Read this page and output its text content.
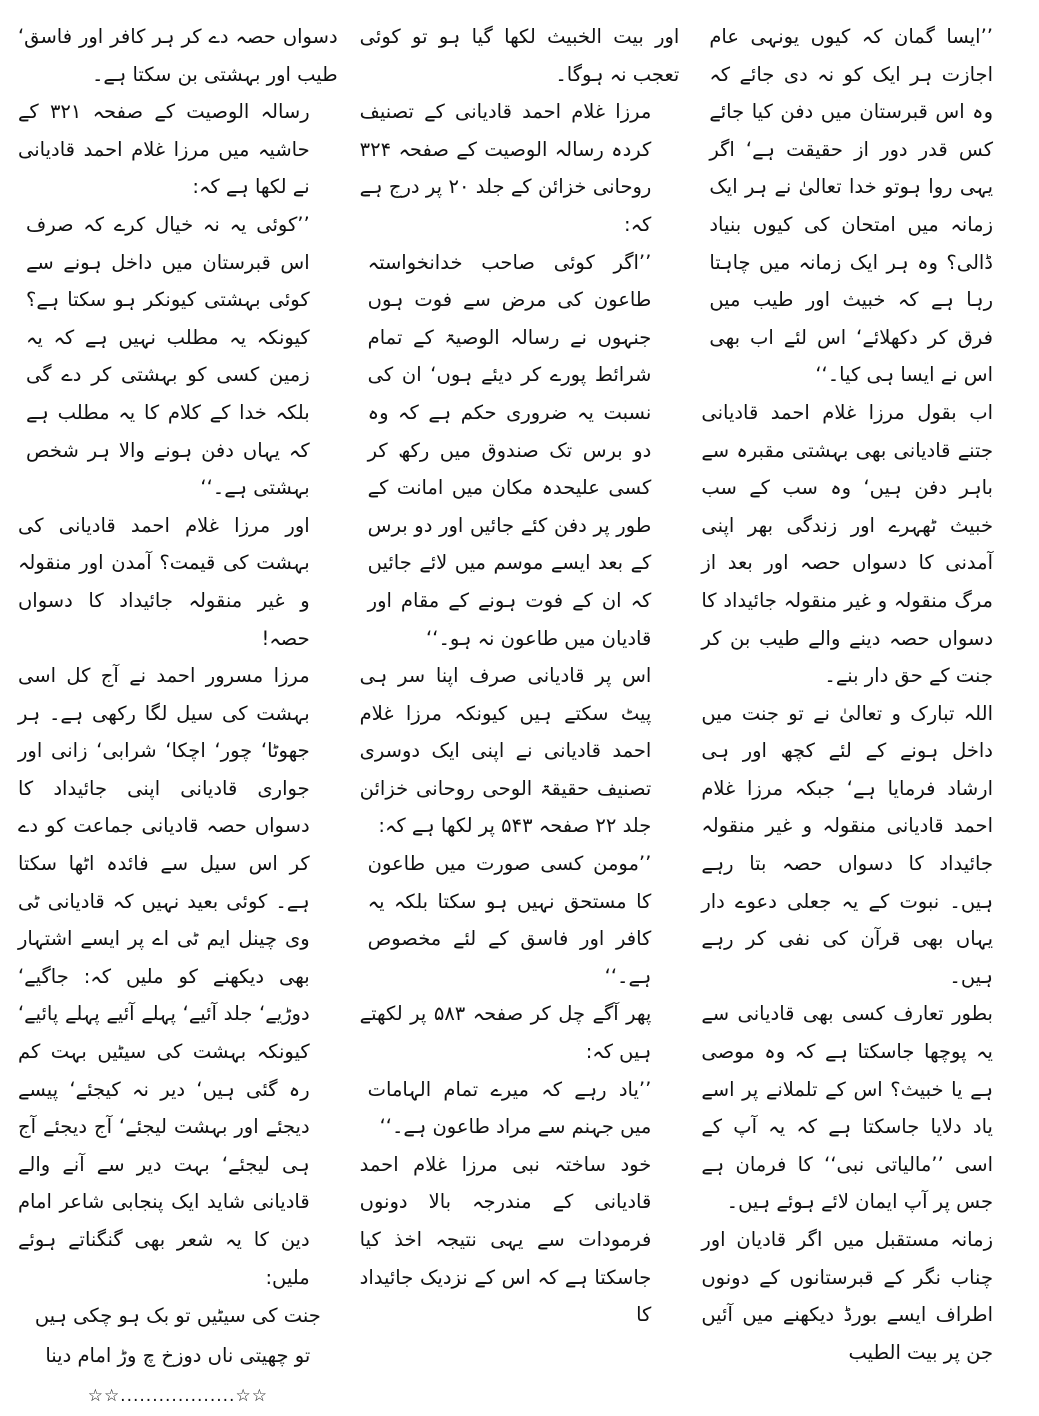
’’ایسا گمان کہ کیوں یونہی عام اجازت ہر ایک کو نہ دی جائے کہ وہ اس قبرستان میں دفن کیا جائے کس قدر دور از حقیقت ہے‘ اگر یہی روا ہوتو خدا تعالیٰ نے ہر ایک زمانہ میں امتحان کی کیوں بنیاد ڈالی؟ وہ ہر ایک زمانہ میں چاہتا رہا ہے کہ خبیث اور طیب میں فرق کر دکھلائے‘ اس لئے اب بھی اس نے ایسا ہی کیا۔‘‘

اب بقول مرزا غلام احمد قادیانی جتنے قادیانی بھی بہشتی مقبرہ سے باہر دفن ہیں‘ وہ سب کے سب خبیث ٹھہرے اور زندگی بھر اپنی آمدنی کا دسواں حصہ اور بعد از مرگ منقولہ و غیر منقولہ جائیداد کا دسواں حصہ دینے والے طیب بن کر جنت کے حق دار بنے۔

اللہ تبارک و تعالیٰ نے تو جنت میں داخل ہونے کے لئے کچھ اور ہی ارشاد فرمایا ہے‘ جبکہ مرزا غلام احمد قادیانی منقولہ و غیر منقولہ جائیداد کا دسواں حصہ بتا رہے ہیں۔ نبوت کے یہ جعلی دعوے دار یہاں بھی قرآن کی نفی کر رہے ہیں۔

بطور تعارف کسی بھی قادیانی سے یہ پوچھا جاسکتا ہے کہ وہ موصی ہے یا خبیث؟ اس کے تلملانے پر اسے یاد دلایا جاسکتا ہے کہ یہ آپ کے اسی ’’مالیاتی نبی‘‘ کا فرمان ہے جس پر آپ ایمان لائے ہوئے ہیں۔

زمانہ مستقبل میں اگر قادیان اور چناب نگر کے قبرستانوں کے دونوں اطراف ایسے بورڈ دیکھنے میں آئیں جن پر بیت الطیب

اور بیت الخبیث لکھا گیا ہو تو کوئی تعجب نہ ہوگا۔

مرزا غلام احمد قادیانی کے تصنیف کردہ رسالہ الوصیت کے صفحہ ۳۲۴ روحانی خزائن کے جلد ۲۰ پر درج ہے کہ:

’’اگر کوئی صاحب خدانخواستہ طاعون کی مرض سے فوت ہوں جنہوں نے رسالہ الوصیۃ کے تمام شرائط پورے کر دیئے ہوں‘ ان کی نسبت یہ ضروری حکم ہے کہ وہ دو برس تک صندوق میں رکھ کر کسی علیحدہ مکان میں امانت کے طور پر دفن کئے جائیں اور دو برس کے بعد ایسے موسم میں لائے جائیں کہ ان کے فوت ہونے کے مقام اور قادیان میں طاعون نہ ہو۔‘‘

اس پر قادیانی صرف اپنا سر ہی پیٹ سکتے ہیں کیونکہ مرزا غلام احمد قادیانی نے اپنی ایک دوسری تصنیف حقیقۃ الوحی روحانی خزائن جلد ۲۲ صفحہ ۵۴۳ پر لکھا ہے کہ:

’’مومن کسی صورت میں طاعون کا مستحق نہیں ہو سکتا بلکہ یہ کافر اور فاسق کے لئے مخصوص ہے۔‘‘

پھر آگے چل کر صفحہ ۵۸۳ پر لکھتے ہیں کہ:

’’یاد رہے کہ میرے تمام الہامات میں جہنم سے مراد طاعون ہے۔‘‘

خود ساختہ نبی مرزا غلام احمد قادیانی کے مندرجہ بالا دونوں فرمودات سے یہی نتیجہ اخذ کیا جاسکتا ہے کہ اس کے نزدیک جائیداد کا

دسواں حصہ دے کر ہر کافر اور فاسق‘ طیب اور بہشتی بن سکتا ہے۔

رسالہ الوصیت کے صفحہ ۳۲۱ کے حاشیہ میں مرزا غلام احمد قادیانی نے لکھا ہے کہ:

’’کوئی یہ نہ خیال کرے کہ صرف اس قبرستان میں داخل ہونے سے کوئی بہشتی کیونکر ہو سکتا ہے؟ کیونکہ یہ مطلب نہیں ہے کہ یہ زمین کسی کو بہشتی کر دے گی بلکہ خدا کے کلام کا یہ مطلب ہے کہ یہاں دفن ہونے والا ہر شخص بہشتی ہے۔‘‘

اور مرزا غلام احمد قادیانی کی بہشت کی قیمت؟ آمدن اور منقولہ و غیر منقولہ جائیداد کا دسواں حصہ!

مرزا مسرور احمد نے آج کل اسی بہشت کی سیل لگا رکھی ہے۔ ہر جھوٹا‘ چور‘ اچکا‘ شرابی‘ زانی اور جواری قادیانی اپنی جائیداد کا دسواں حصہ قادیانی جماعت کو دے کر اس سیل سے فائدہ اٹھا سکتا ہے۔ کوئی بعید نہیں کہ قادیانی ٹی وی چینل ایم ٹی اے پر ایسے اشتہار بھی دیکھنے کو ملیں کہ: جاگیے‘ دوڑیے‘ جلد آئیے‘ پہلے آئیے پہلے پائیے‘ کیونکہ بہشت کی سیٹیں بہت کم رہ گئی ہیں‘ دیر نہ کیجئے‘ پیسے دیجئے اور بہشت لیجئے‘ آج دیجئے آج ہی لیجئے‘ بہت دیر سے آنے والے قادیانی شاید ایک پنجابی شاعر امام دین کا یہ شعر بھی گنگناتے ہوئے ملیں:

جنت کی سیٹیں تو بک ہو چکی ہیں
تو چھیتی ناں دوزخ چ وڑ امام دینا
☆☆..................☆☆
